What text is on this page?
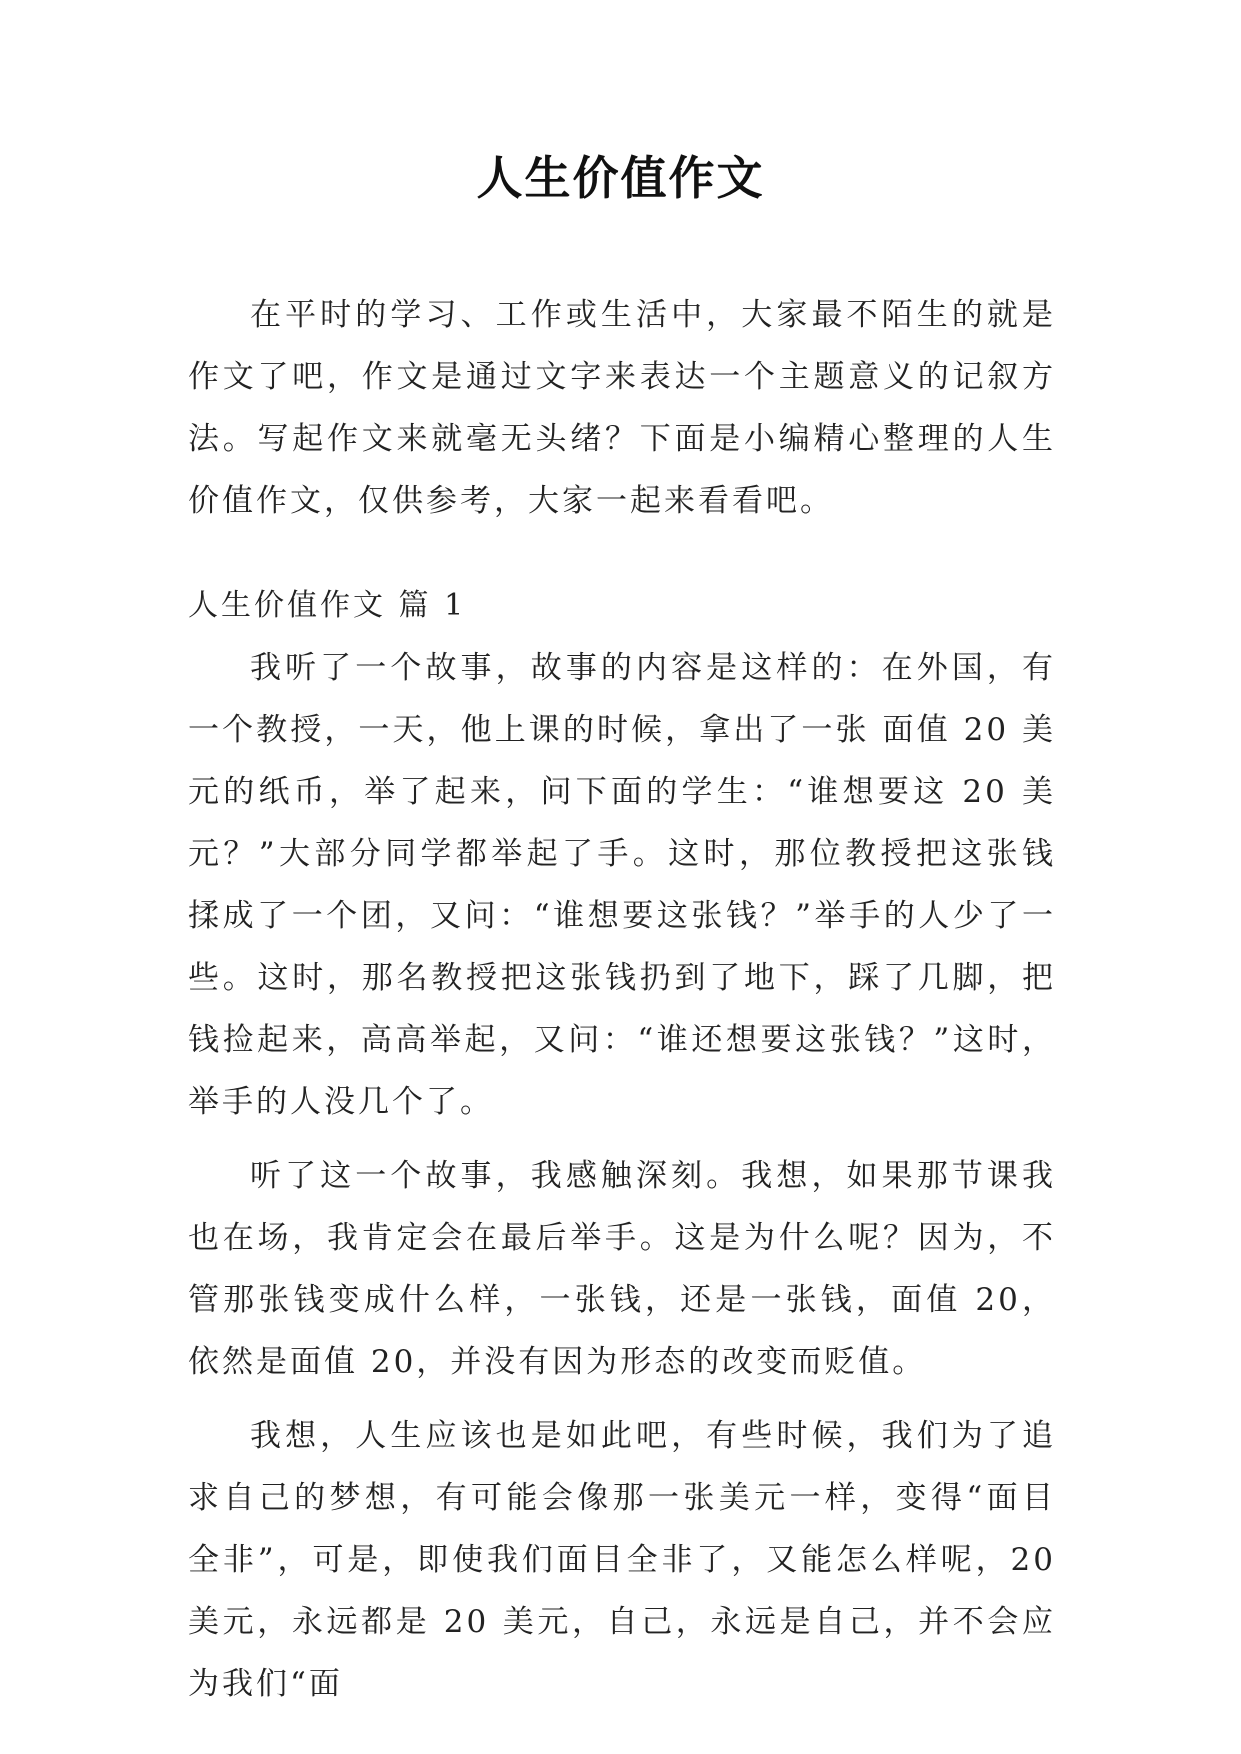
人生价值作文

在平时的学习、工作或生活中，大家最不陌生的就是作文了吧，作文是通过文字来表达一个主题意义的记叙方法。写起作文来就毫无头绪？下面是小编精心整理的人生价值作文，仅供参考，大家一起来看看吧。

人生价值作文 篇 1

我听了一个故事，故事的内容是这样的：在外国，有一个教授，一天，他上课的时候，拿出了一张 面值 20 美元的纸币，举了起来，问下面的学生：“谁想要这 20 美元？”大部分同学都举起了手。这时，那位教授把这张钱揉成了一个团，又问：“谁想要这张钱？”举手的人少了一些。这时，那名教授把这张钱扔到了地下，踩了几脚，把钱捡起来，高高举起，又问：“谁还想要这张钱？”这时，举手的人没几个了。

听了这一个故事，我感触深刻。我想，如果那节课我也在场，我肯定会在最后举手。这是为什么呢？因为，不管那张钱变成什么样，一张钱，还是一张钱，面值 20，依然是面值 20，并没有因为形态的改变而贬值。

我想，人生应该也是如此吧，有些时候，我们为了追求自己的梦想，有可能会像那一张美元一样，变得“面目全非”，可是，即使我们面目全非了，又能怎么样呢，20 美元，永远都是 20 美元，自己，永远是自己，并不会应为我们“面
